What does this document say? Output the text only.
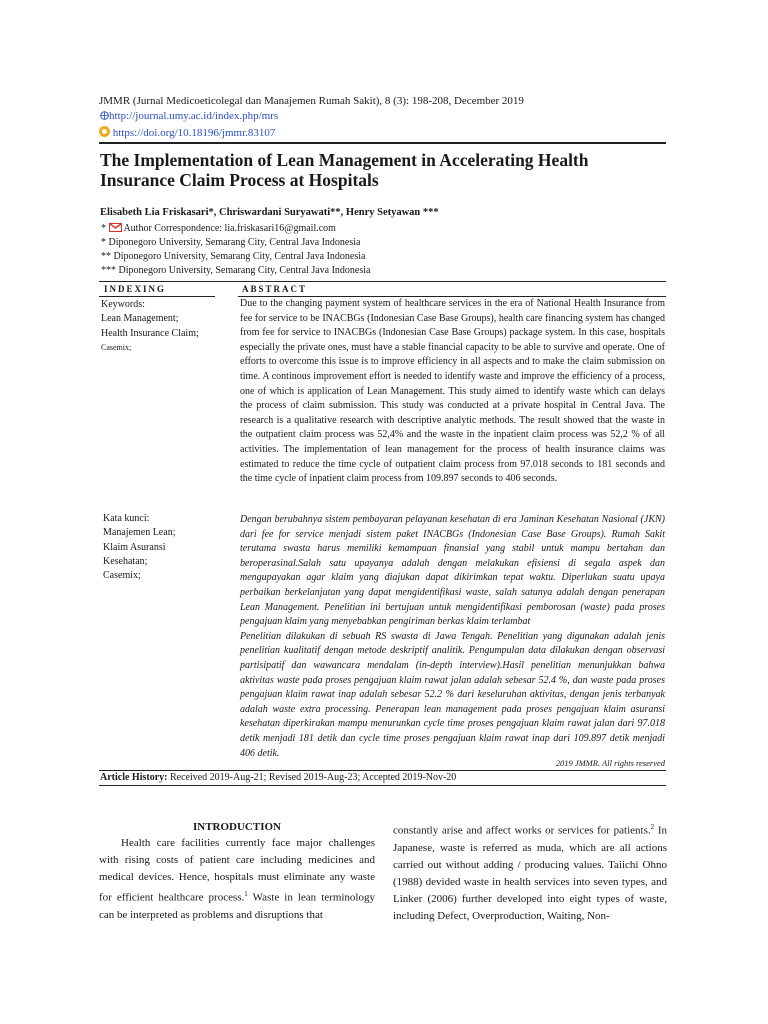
JMMR (Jurnal Medicoeticolegal dan Manajemen Rumah Sakit), 8 (3): 198-208, December 2019
http://journal.umy.ac.id/index.php/mrs
https://doi.org/10.18196/jmmr.83107
The Implementation of Lean Management in Accelerating Health
Insurance Claim Process at Hospitals
Elisabeth Lia Friskasari*, Chriswardani Suryawati**, Henry Setyawan ***
* Author Correspondence: lia.friskasari16@gmail.com
* Diponegoro University, Semarang City, Central Java Indonesia
** Diponegoro University, Semarang City, Central Java Indonesia
*** Diponegoro University, Semarang City, Central Java Indonesia
INDEXING	ABSTRACT
Keywords:
Lean Management;
Health Insurance Claim;
Casemix;
Due to the changing payment system of healthcare services in the era of National Health Insurance from fee for service to be INACBGs (Indonesian Case Base Groups), health care financing system has changed from fee for service to INACBGs (Indonesian Case Base Groups) package system. In this case, hospitals especially the private ones, must have a stable financial capacity to be able to survive and operate. One of efforts to overcome this issue is to improve efficiency in all aspects and to make the claim submission on time. A continous improvement effort is needed to identify waste and improve the efficiency of a process, one of which is application of Lean Management. This study aimed to identify waste which can delays the process of claim submission. This study was conducted at a private hospital in Central Java. The research is a qualitative research with descriptive analytic methods. The result showed that the waste in the outpatient claim process was 52,4% and the waste in the inpatient claim process was 52,2 % of all activities. The implementation of lean management for the process of health insurance claims was estimated to reduce the time cycle of outpatient claim process from 97.018 seconds to 181 seconds and the time cycle of inpatient claim process from 109.897 seconds to 406 seconds.
Kata kunci:
Manajemen Lean;
Klaim Asuransi
Kesehatan;
Casemix;

Dengan berubahnya sistem pembayaran pelayanan kesehatan di era Jaminan Kesehatan Nasional (JKN) dari fee for service menjadi sistem paket INACBGs (Indonesian Case Base Groups). Rumah Sakit terutama swasta harus memiliki kemampuan finansial yang stabil untuk mampu bertahan dan beroperasinal.Salah satu upayanya adalah dengan melakukan efisiensi di segala aspek dan mengupayakan agar klaim yang diajukan dapat dikirimkan tepat waktu. Diperlukan suatu upaya perbaikan berkelanjutan yang dapat mengidentifikasi waste, salah satunya adalah dengan penerapan Lean Management. Penelitian ini bertujuan untuk mengidentifikasi pemborosan (waste) pada proses pengajuan klaim yang menyebabkan pengiriman berkas klaim terlambat

Penelitian dilakukan di sebuah RS swasta di Jawa Tengah. Penelitian yang digunakan adalah jenis penelitian kualitatif dengan metode deskriptif analitik. Pengumpulan data dilakukan dengan observasi partisipatif dan wawancara mendalam (in-depth interview).Hasil penelitian menunjukkan bahwa aktivitas waste pada proses pengajuan klaim rawat jalan adalah sebesar 52.4 %, dan waste pada proses pengajuan klaim rawat inap adalah sebesar 52.2 % dari keseluruhan aktivitas, dengan jenis terbanyak adalah waste extra processing. Penerapan lean management pada proses pengajuan klaim asuransi kesehatan diperkirakan mampu menurunkan cycle time proses pengajuan klaim rawat jalan dari 97.018 detik menjadi 181 detik dan cycle time proses pengajuan klaim rawat inap dari 109.897 detik menjadi 406 detik.

2019 JMMR. All rights reserved
Article History: Received 2019-Aug-21; Revised 2019-Aug-23; Accepted 2019-Nov-20
INTRODUCTION

Health care facilities currently face major challenges with rising costs of patient care including medicines and medical devices. Hence, hospitals must eliminate any waste for efficient healthcare process.$^1$ Waste in lean terminology can be interpreted as problems and disruptions that

constantly arise and affect works or services for patients.$^2$ In Japanese, waste is referred as muda, which are all actions carried out without adding / producing values. Taiichi Ohno (1988) devided waste in health services into seven types, and Linker (2006) further developed into eight types of waste, including Defect, Overproduction, Waiting, Non-
